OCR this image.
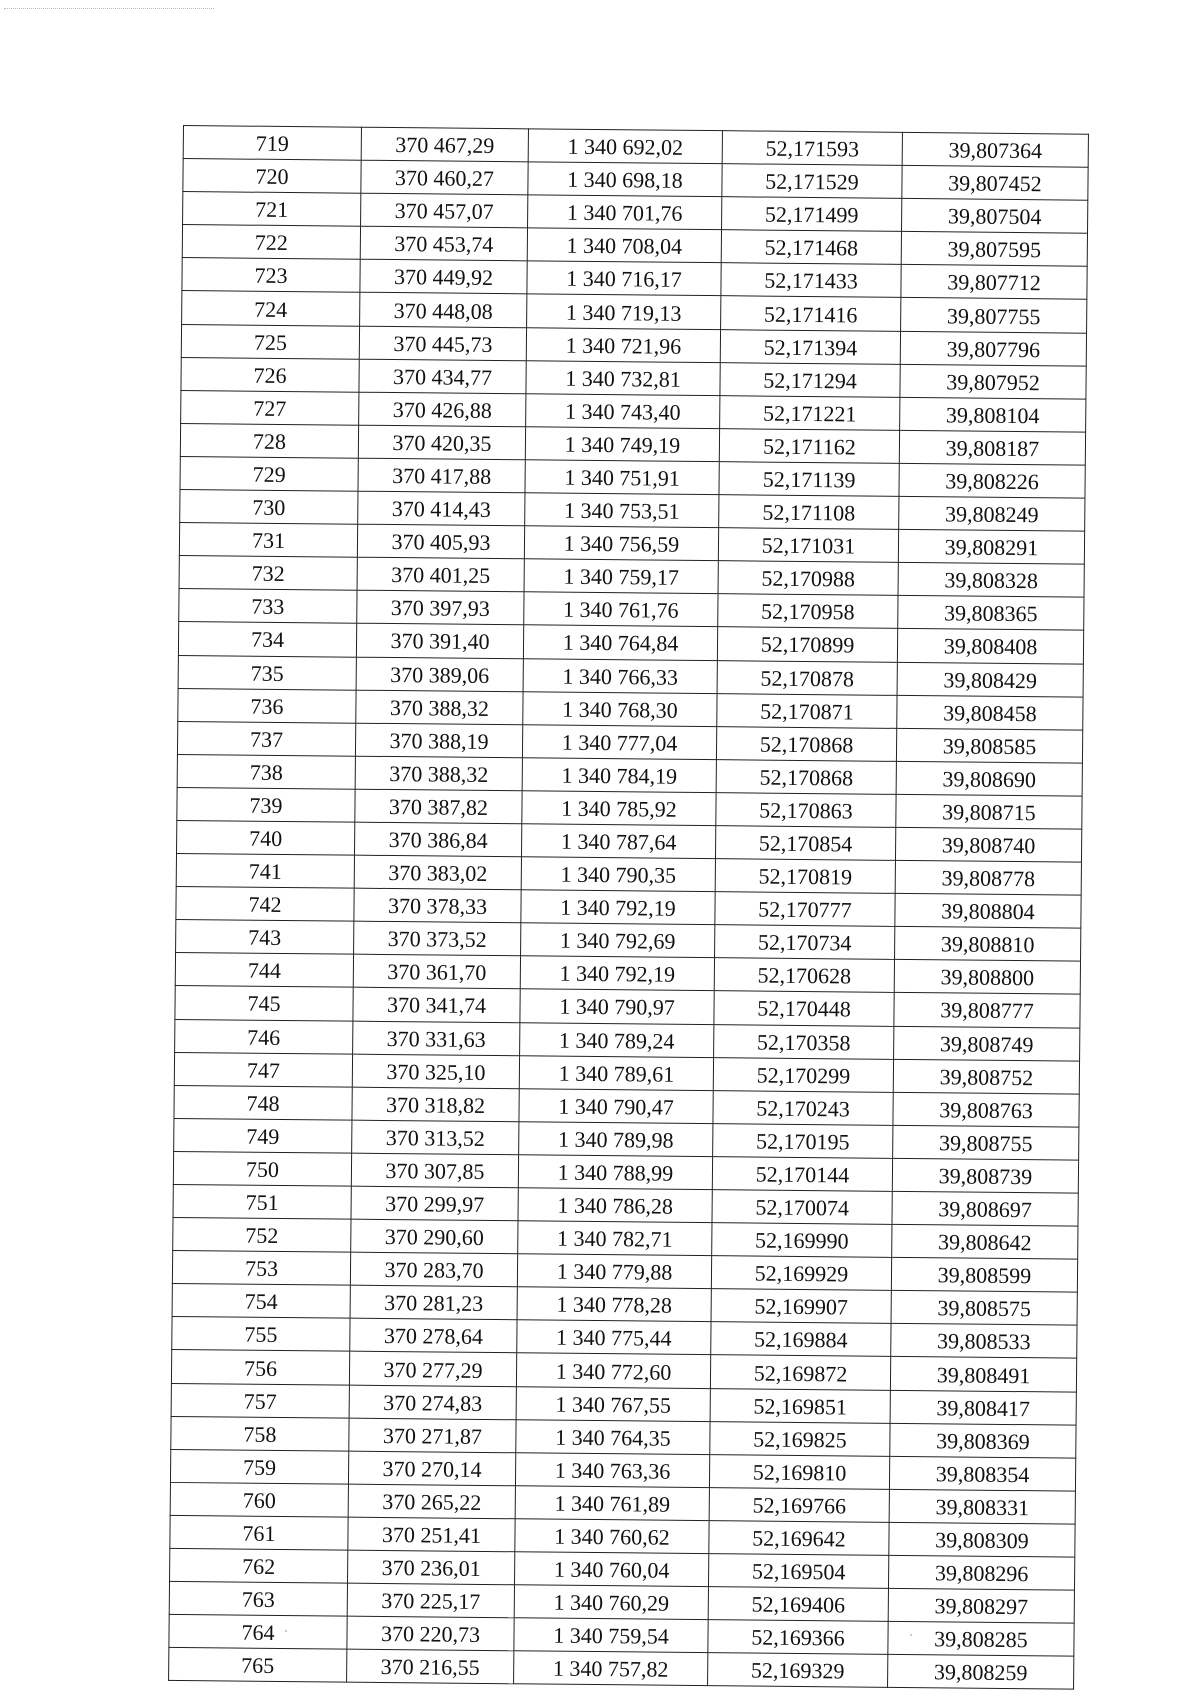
719	370 467,29	1 340 692,02	52,171593	39,807364
720	370 460,27	1 340 698,18	52,171529	39,807452
721	370 457,07	1 340 701,76	52,171499	39,807504
722	370 453,74	1 340 708,04	52,171468	39,807595
723	370 449,92	1 340 716,17	52,171433	39,807712
724	370 448,08	1 340 719,13	52,171416	39,807755
725	370 445,73	1 340 721,96	52,171394	39,807796
726	370 434,77	1 340 732,81	52,171294	39,807952
727	370 426,88	1 340 743,40	52,171221	39,808104
728	370 420,35	1 340 749,19	52,171162	39,808187
729	370 417,88	1 340 751,91	52,171139	39,808226
730	370 414,43	1 340 753,51	52,171108	39,808249
731	370 405,93	1 340 756,59	52,171031	39,808291
732	370 401,25	1 340 759,17	52,170988	39,808328
733	370 397,93	1 340 761,76	52,170958	39,808365
734	370 391,40	1 340 764,84	52,170899	39,808408
735	370 389,06	1 340 766,33	52,170878	39,808429
736	370 388,32	1 340 768,30	52,170871	39,808458
737	370 388,19	1 340 777,04	52,170868	39,808585
738	370 388,32	1 340 784,19	52,170868	39,808690
739	370 387,82	1 340 785,92	52,170863	39,808715
740	370 386,84	1 340 787,64	52,170854	39,808740
741	370 383,02	1 340 790,35	52,170819	39,808778
742	370 378,33	1 340 792,19	52,170777	39,808804
743	370 373,52	1 340 792,69	52,170734	39,808810
744	370 361,70	1 340 792,19	52,170628	39,808800
745	370 341,74	1 340 790,97	52,170448	39,808777
746	370 331,63	1 340 789,24	52,170358	39,808749
747	370 325,10	1 340 789,61	52,170299	39,808752
748	370 318,82	1 340 790,47	52,170243	39,808763
749	370 313,52	1 340 789,98	52,170195	39,808755
750	370 307,85	1 340 788,99	52,170144	39,808739
751	370 299,97	1 340 786,28	52,170074	39,808697
752	370 290,60	1 340 782,71	52,169990	39,808642
753	370 283,70	1 340 779,88	52,169929	39,808599
754	370 281,23	1 340 778,28	52,169907	39,808575
755	370 278,64	1 340 775,44	52,169884	39,808533
756	370 277,29	1 340 772,60	52,169872	39,808491
757	370 274,83	1 340 767,55	52,169851	39,808417
758	370 271,87	1 340 764,35	52,169825	39,808369
759	370 270,14	1 340 763,36	52,169810	39,808354
760	370 265,22	1 340 761,89	52,169766	39,808331
761	370 251,41	1 340 760,62	52,169642	39,808309
762	370 236,01	1 340 760,04	52,169504	39,808296
763	370 225,17	1 340 760,29	52,169406	39,808297
764	370 220,73	1 340 759,54	52,169366	39,808285
765	370 216,55	1 340 757,82	52,169329	39,808259
